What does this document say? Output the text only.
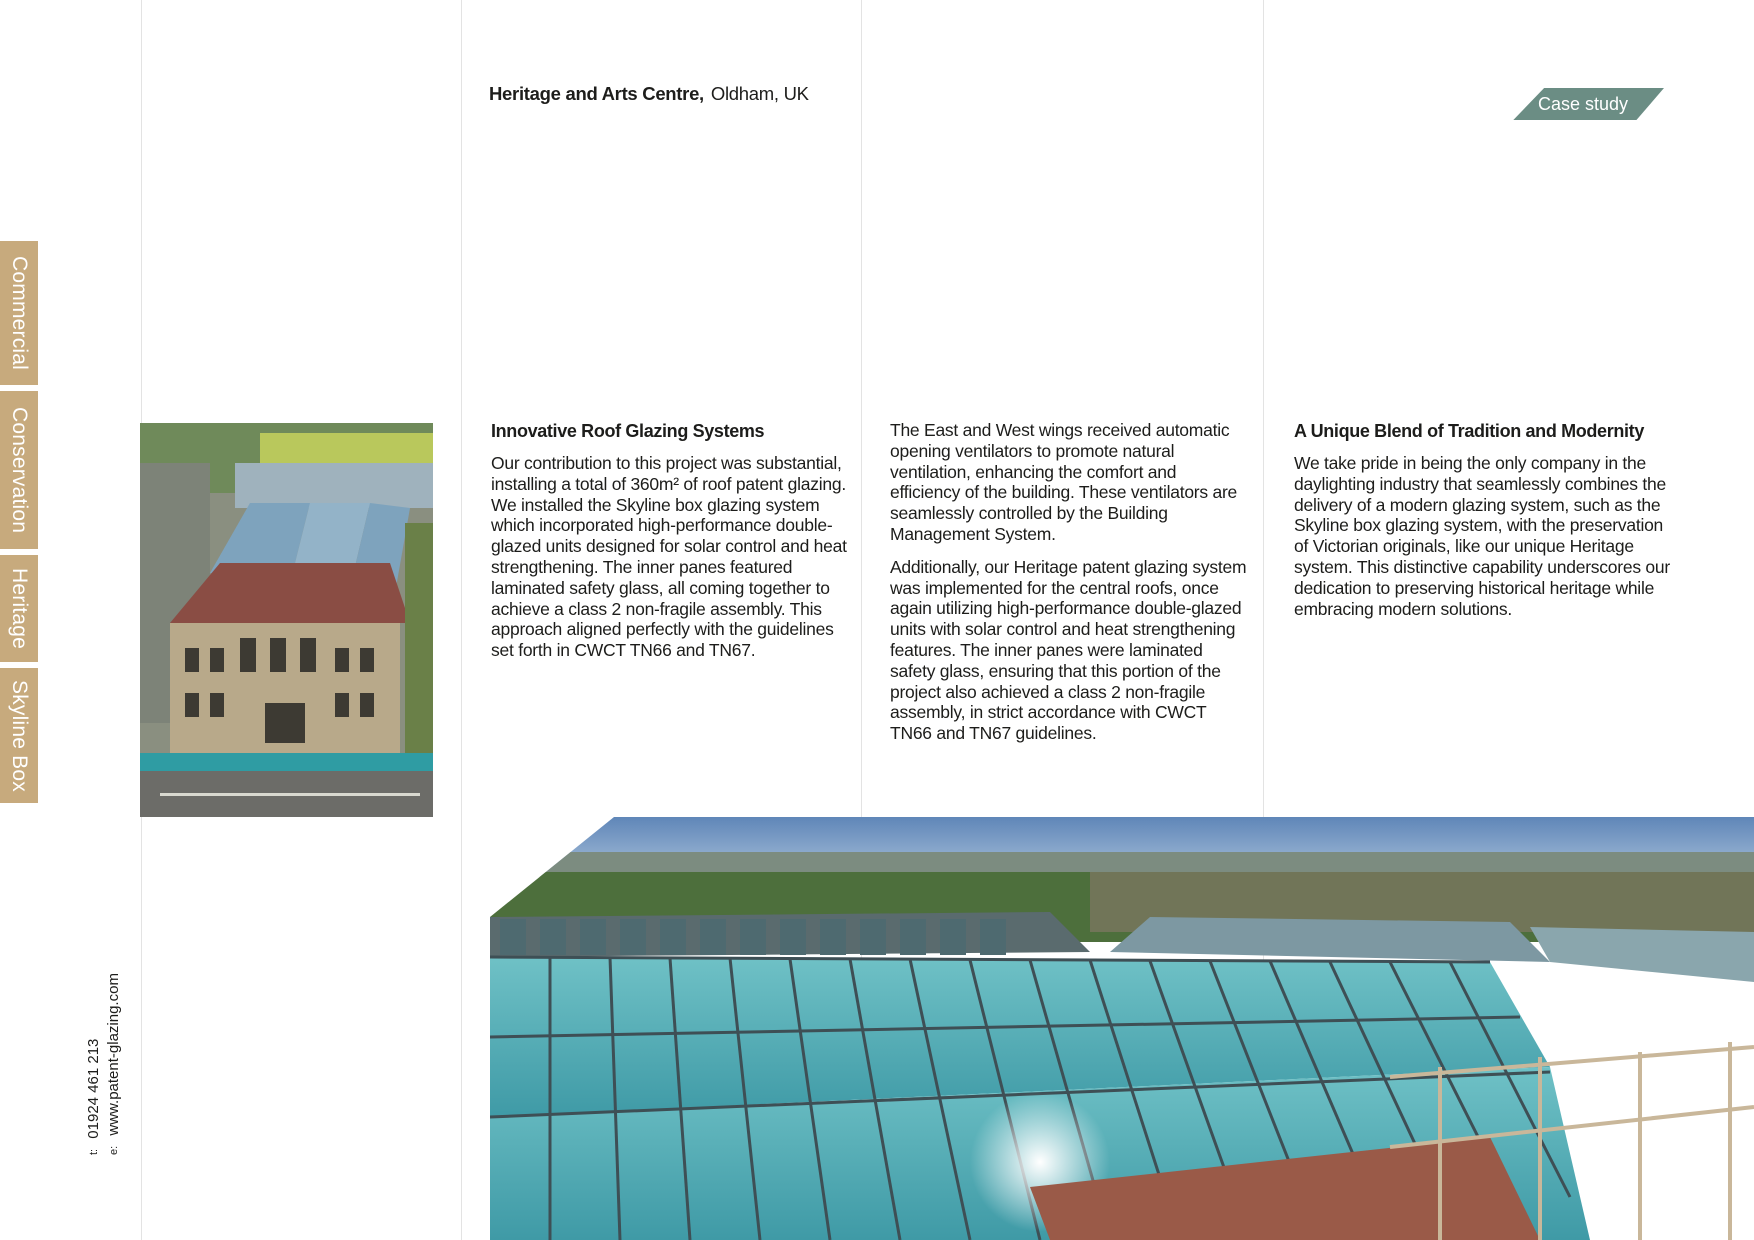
Commercial
Conservation
Heritage
Skyline Box
t: 01924 461 213
e: www.patent-glazing.com
Heritage and Arts Centre, Oldham, UK	Case study
Innovative Roof Glazing Systems

Our contribution to this project was substantial, installing a total of 360m² of roof patent glazing. We installed the Skyline box glazing system which incorporated high-performance double-glazed units designed for solar control and heat strengthening. The inner panes featured laminated safety glass, all coming together to achieve a class 2 non-fragile assembly. This approach aligned perfectly with the guidelines set forth in CWCT TN66 and TN67.

The East and West wings received automatic opening ventilators to promote natural ventilation, enhancing the comfort and efficiency of the building. These ventilators are seamlessly controlled by the Building Management System.

Additionally, our Heritage patent glazing system was implemented for the central roofs, once again utilizing high-performance double-glazed units with solar control and heat strengthening features. The inner panes were laminated safety glass, ensuring that this portion of the project also achieved a class 2 non-fragile assembly, in strict accordance with CWCT TN66 and TN67 guidelines.

A Unique Blend of Tradition and Modernity

We take pride in being the only company in the daylighting industry that seamlessly combines the delivery of a modern glazing system, such as the Skyline box glazing system, with the preservation of Victorian originals, like our unique Heritage system. This distinctive capability underscores our dedication to preserving historical heritage while embracing modern solutions.
